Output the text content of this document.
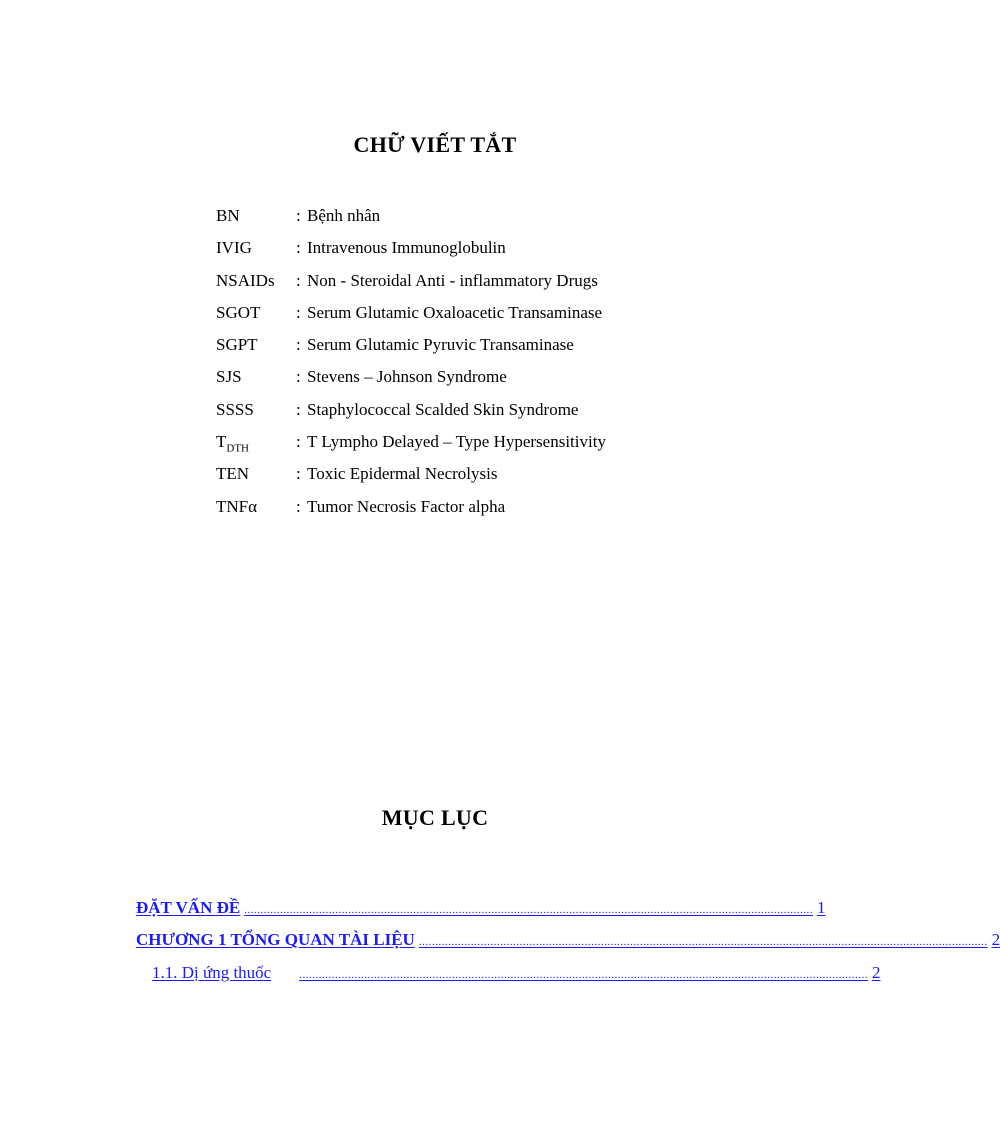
CHỮ VIẾT TẮT
BN	: Bệnh nhân
IVIG	: Intravenous Immunoglobulin
NSAIDs	: Non - Steroidal Anti - inflammatory Drugs
SGOT	: Serum Glutamic Oxaloacetic Transaminase
SGPT	: Serum Glutamic Pyruvic Transaminase
SJS	: Stevens – Johnson Syndrome
SSSS	: Staphylococcal Scalded Skin Syndrome
$T_{DTH}$	: T Lympho Delayed – Type Hypersensitivity
TEN	: Toxic Epidermal Necrolysis
TNFα	: Tumor Necrosis Factor alpha
MỤC LỤC
ĐẶT VẤN ĐỀ ............................................................................................................................................................................... 1
CHƯƠNG 1 TỔNG QUAN TÀI LIỆU ............................................................................................................................................................................... 2
1.1. Dị ứng thuốc	............................................................................................................................................................................... 2
